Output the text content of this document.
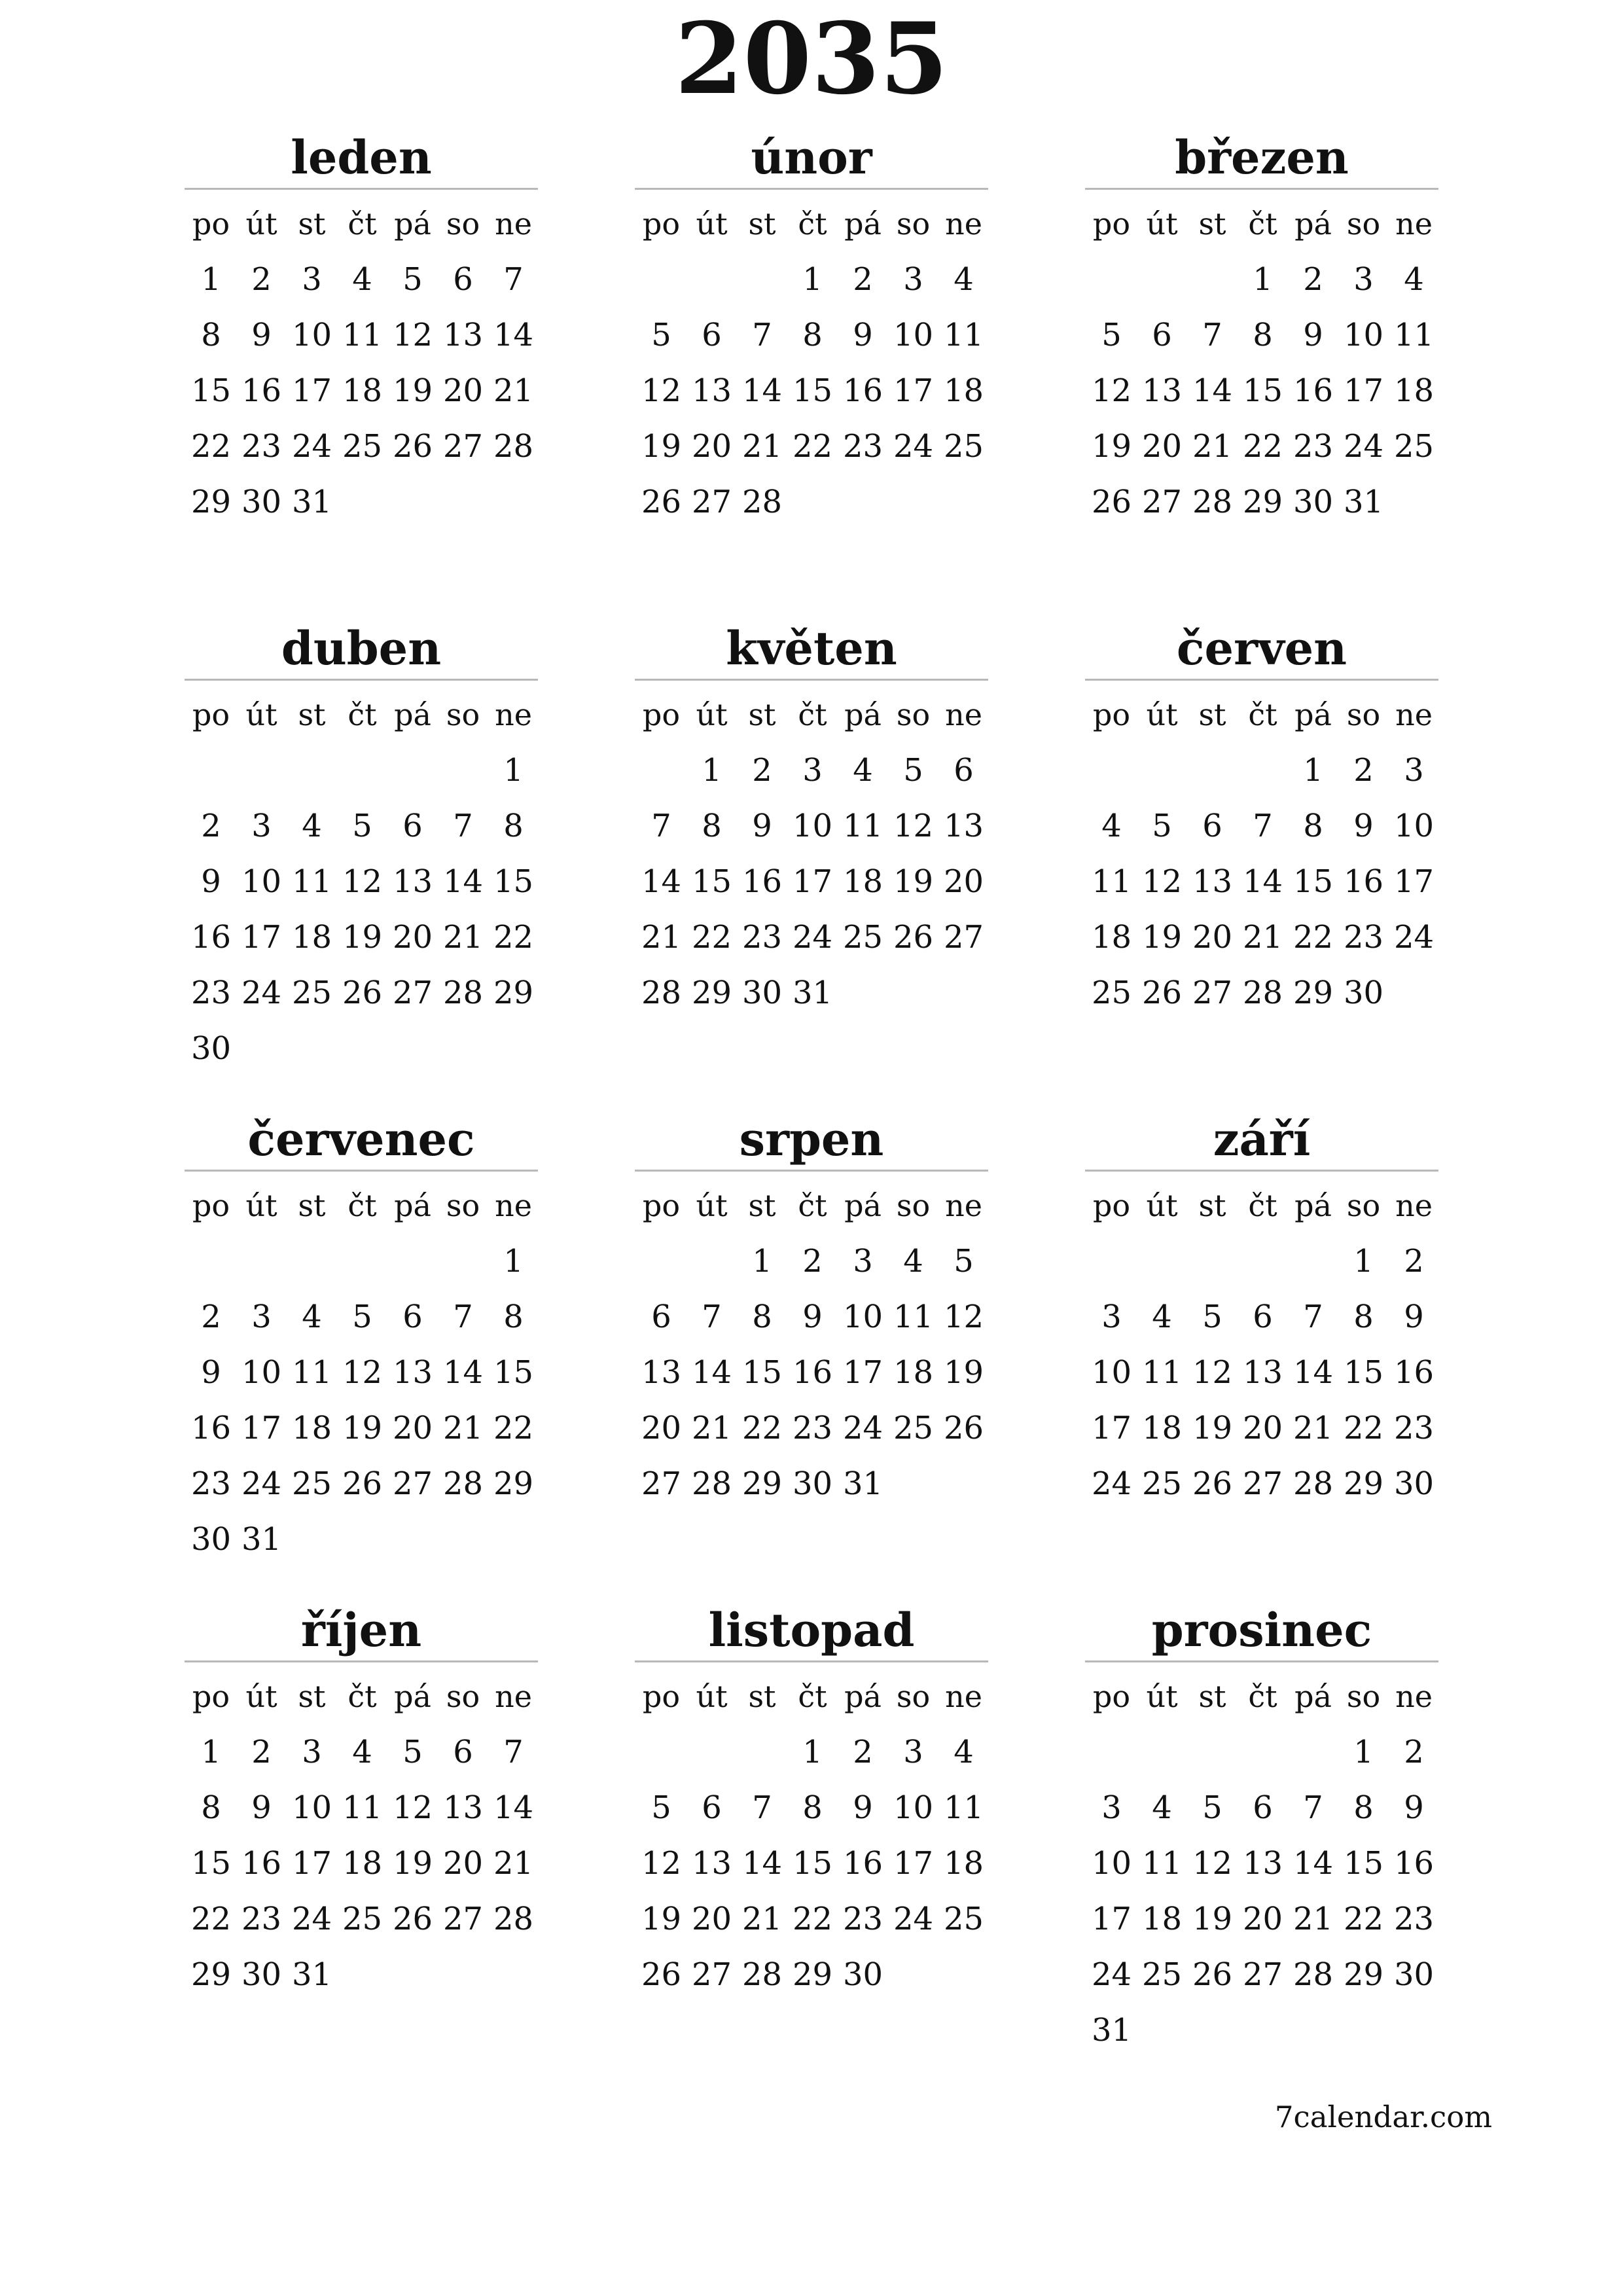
2035
leden
po út st čt pá so ne
1 2 3 4 5 6 7
8 9 10 11 12 13 14
15 16 17 18 19 20 21
22 23 24 25 26 27 28
29 30 31
únor
po út st čt pá so ne
1 2 3 4
5 6 7 8 9 10 11
12 13 14 15 16 17 18
19 20 21 22 23 24 25
26 27 28
březen
po út st čt pá so ne
1 2 3 4
5 6 7 8 9 10 11
12 13 14 15 16 17 18
19 20 21 22 23 24 25
26 27 28 29 30 31
duben
po út st čt pá so ne
1
2 3 4 5 6 7 8
9 10 11 12 13 14 15
16 17 18 19 20 21 22
23 24 25 26 27 28 29
30
květen
po út st čt pá so ne
1 2 3 4 5 6
7 8 9 10 11 12 13
14 15 16 17 18 19 20
21 22 23 24 25 26 27
28 29 30 31
červen
po út st čt pá so ne
1 2 3
4 5 6 7 8 9 10
11 12 13 14 15 16 17
18 19 20 21 22 23 24
25 26 27 28 29 30
červenec
po út st čt pá so ne
1
2 3 4 5 6 7 8
9 10 11 12 13 14 15
16 17 18 19 20 21 22
23 24 25 26 27 28 29
30 31
srpen
po út st čt pá so ne
1 2 3 4 5
6 7 8 9 10 11 12
13 14 15 16 17 18 19
20 21 22 23 24 25 26
27 28 29 30 31
září
po út st čt pá so ne
1 2
3 4 5 6 7 8 9
10 11 12 13 14 15 16
17 18 19 20 21 22 23
24 25 26 27 28 29 30
říjen
po út st čt pá so ne
1 2 3 4 5 6 7
8 9 10 11 12 13 14
15 16 17 18 19 20 21
22 23 24 25 26 27 28
29 30 31
listopad
po út st čt pá so ne
1 2 3 4
5 6 7 8 9 10 11
12 13 14 15 16 17 18
19 20 21 22 23 24 25
26 27 28 29 30
prosinec
po út st čt pá so ne
1 2
3 4 5 6 7 8 9
10 11 12 13 14 15 16
17 18 19 20 21 22 23
24 25 26 27 28 29 30
31

7calendar.com
